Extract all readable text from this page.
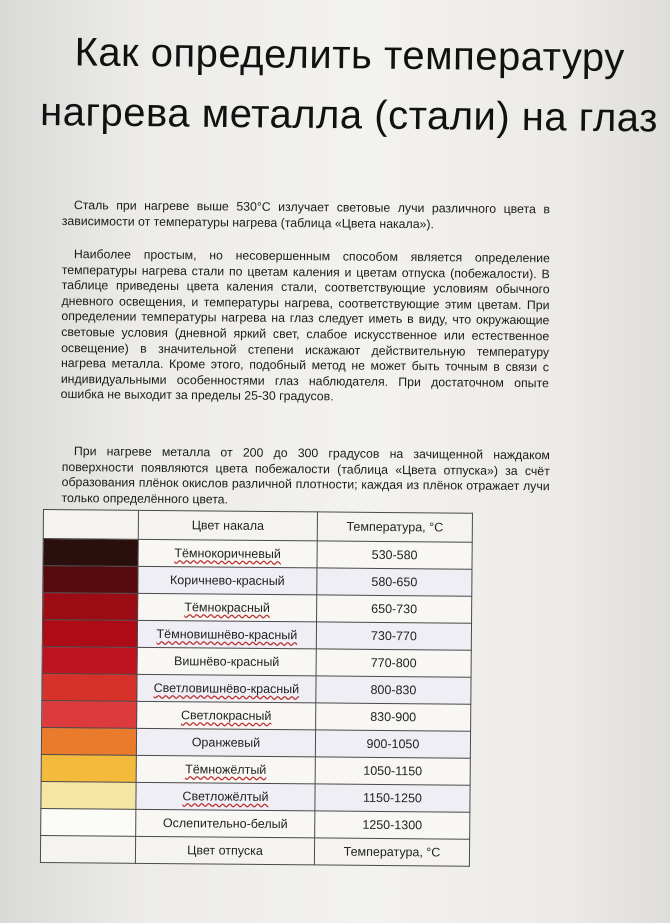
Как определить температуру нагрева металла (стали) на глаз

Сталь при нагреве выше 530°С излучает световые лучи различного цвета в зависимости от температуры нагрева (таблица «Цвета накала»).

Наиболее простым, но несовершенным способом является определение температуры нагрева стали по цветам каления и цветам отпуска (побежалости). В таблице приведены цвета каления стали, соответствующие условиям обычного дневного освещения, и температуры нагрева, соответствующие этим цветам. При определении температуры нагрева на глаз следует иметь в виду, что окружающие световые условия (дневной яркий свет, слабое искусственное или естественное освещение) в значительной степени искажают действительную температуру нагрева металла. Кроме этого, подобный метод не может быть точным в связи с индивидуальными особенностями глаз наблюдателя. При достаточном опыте ошибка не выходит за пределы 25-30 градусов.

При нагреве металла от 200 до 300 градусов на зачищенной наждаком поверхности появляются цвета побежалости (таблица «Цвета отпуска») за счёт образования плёнок окислов различной плотности; каждая из плёнок отражает лучи только определённого цвета.

	Цвет накала	Температура, °С
	Тёмнокоричневый	530-580
	Коричнево-красный	580-650
	Тёмнокрасный	650-730
	Тёмновишнёво-красный	730-770
	Вишнёво-красный	770-800
	Светловишнёво-красный	800-830
	Светлокрасный	830-900
	Оранжевый	900-1050
	Тёмножёлтый	1050-1150
	Светложёлтый	1150-1250
	Ослепительно-белый	1250-1300
	Цвет отпуска	Температура, °С
